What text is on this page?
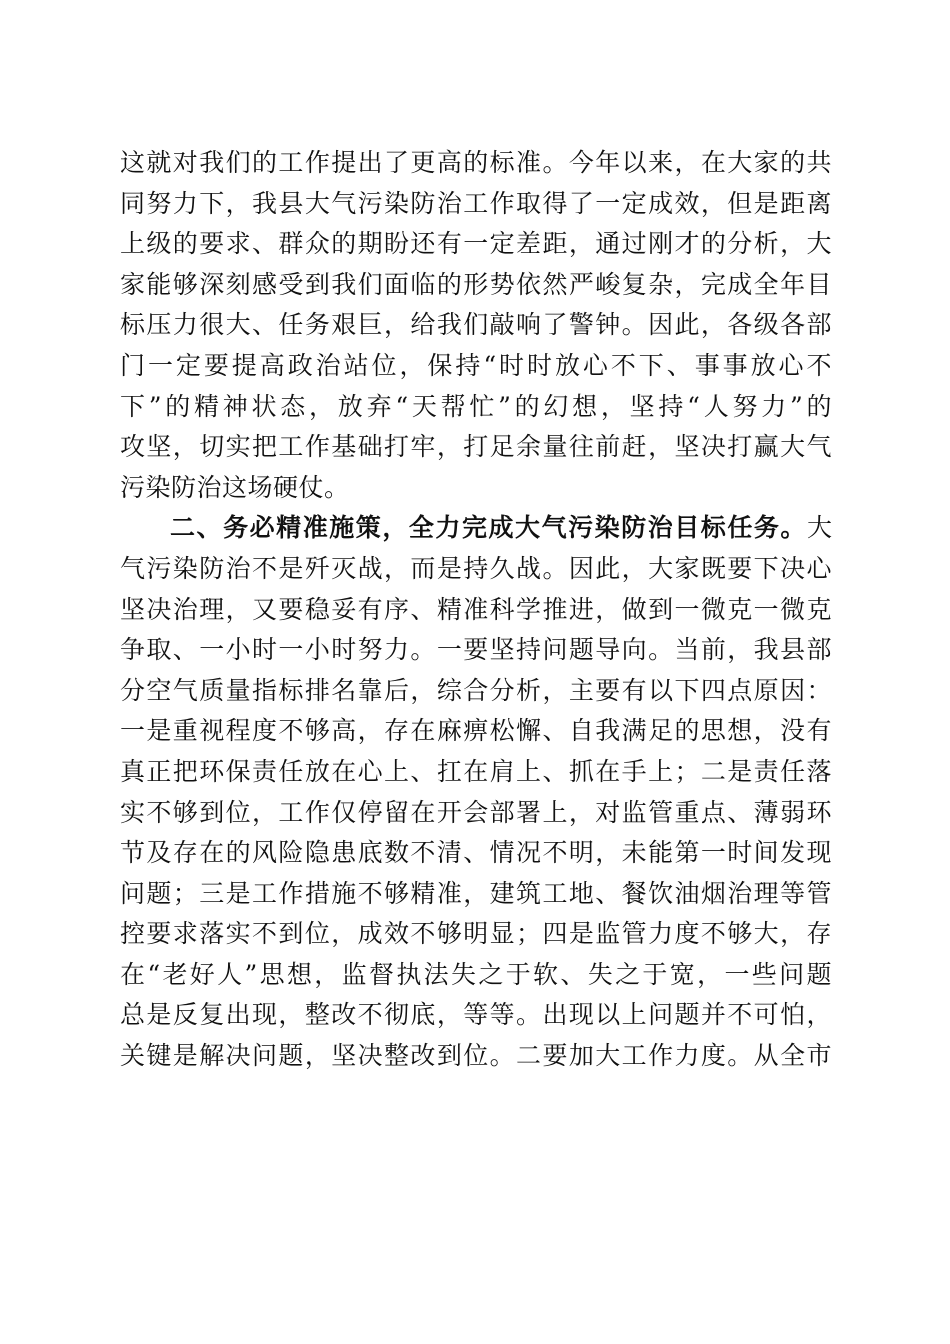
这就对我们的工作提出了更高的标准。今年以来，在大家的共
同努力下，我县大气污染防治工作取得了一定成效，但是距离
上级的要求、群众的期盼还有一定差距，通过刚才的分析，大
家能够深刻感受到我们面临的形势依然严峻复杂，完成全年目
标压力很大、任务艰巨，给我们敲响了警钟。因此，各级各部
门一定要提高政治站位，保持“时时放心不下、事事放心不
下”的精神状态，放弃“天帮忙”的幻想，坚持“人努力”的
攻坚，切实把工作基础打牢，打足余量往前赶，坚决打赢大气
污染防治这场硬仗。
二、务必精准施策，全力完成大气污染防治目标任务。大
气污染防治不是歼灭战，而是持久战。因此，大家既要下决心
坚决治理，又要稳妥有序、精准科学推进，做到一微克一微克
争取、一小时一小时努力。一要坚持问题导向。当前，我县部
分空气质量指标排名靠后，综合分析，主要有以下四点原因：
一是重视程度不够高，存在麻痹松懈、自我满足的思想，没有
真正把环保责任放在心上、扛在肩上、抓在手上；二是责任落
实不够到位，工作仅停留在开会部署上，对监管重点、薄弱环
节及存在的风险隐患底数不清、情况不明，未能第一时间发现
问题；三是工作措施不够精准，建筑工地、餐饮油烟治理等管
控要求落实不到位，成效不够明显；四是监管力度不够大，存
在“老好人”思想，监督执法失之于软、失之于宽，一些问题
总是反复出现，整改不彻底，等等。出现以上问题并不可怕，
关键是解决问题，坚决整改到位。二要加大工作力度。从全市
